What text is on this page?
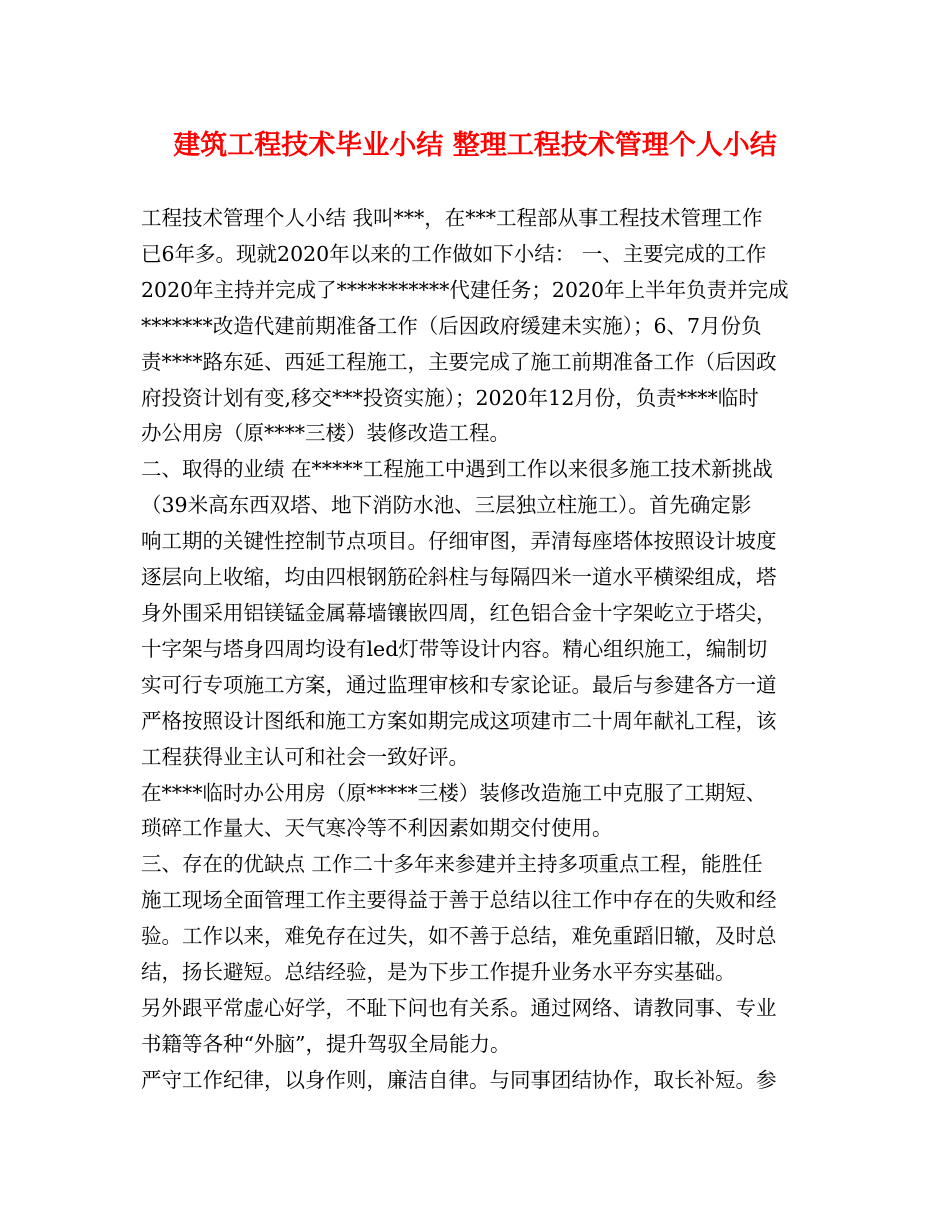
建筑工程技术毕业小结 整理工程技术管理个人小结

工程技术管理个人小结 我叫***，在***工程部从事工程技术管理工作

已6年多。现就2020年以来的工作做如下小结： 一、主要完成的工作

2020年主持并完成了***********代建任务；2020年上半年负责并完成

*******改造代建前期准备工作（后因政府缓建未实施）；6、7月份负

责****路东延、西延工程施工，主要完成了施工前期准备工作（后因政

府投资计划有变,移交***投资实施）；2020年12月份，负责****临时

办公用房（原****三楼）装修改造工程。

二、取得的业绩 在*****工程施工中遇到工作以来很多施工技术新挑战

（39米高东西双塔、地下消防水池、三层独立柱施工）。首先确定影

响工期的关键性控制节点项目。仔细审图，弄清每座塔体按照设计坡度

逐层向上收缩，均由四根钢筋砼斜柱与每隔四米一道水平横梁组成，塔

身外围采用铝镁锰金属幕墙镶嵌四周，红色铝合金十字架屹立于塔尖，

十字架与塔身四周均设有led灯带等设计内容。精心组织施工，编制切

实可行专项施工方案，通过监理审核和专家论证。最后与参建各方一道

严格按照设计图纸和施工方案如期完成这项建市二十周年献礼工程，该

工程获得业主认可和社会一致好评。

在****临时办公用房（原*****三楼）装修改造施工中克服了工期短、

琐碎工作量大、天气寒冷等不利因素如期交付使用。

三、存在的优缺点 工作二十多年来参建并主持多项重点工程，能胜任

施工现场全面管理工作主要得益于善于总结以往工作中存在的失败和经

验。工作以来，难免存在过失，如不善于总结，难免重蹈旧辙，及时总

结，扬长避短。总结经验，是为下步工作提升业务水平夯实基础。

另外跟平常虚心好学，不耻下问也有关系。通过网络、请教同事、专业

书籍等各种“外脑”，提升驾驭全局能力。

严守工作纪律，以身作则，廉洁自律。与同事团结协作，取长补短。参
